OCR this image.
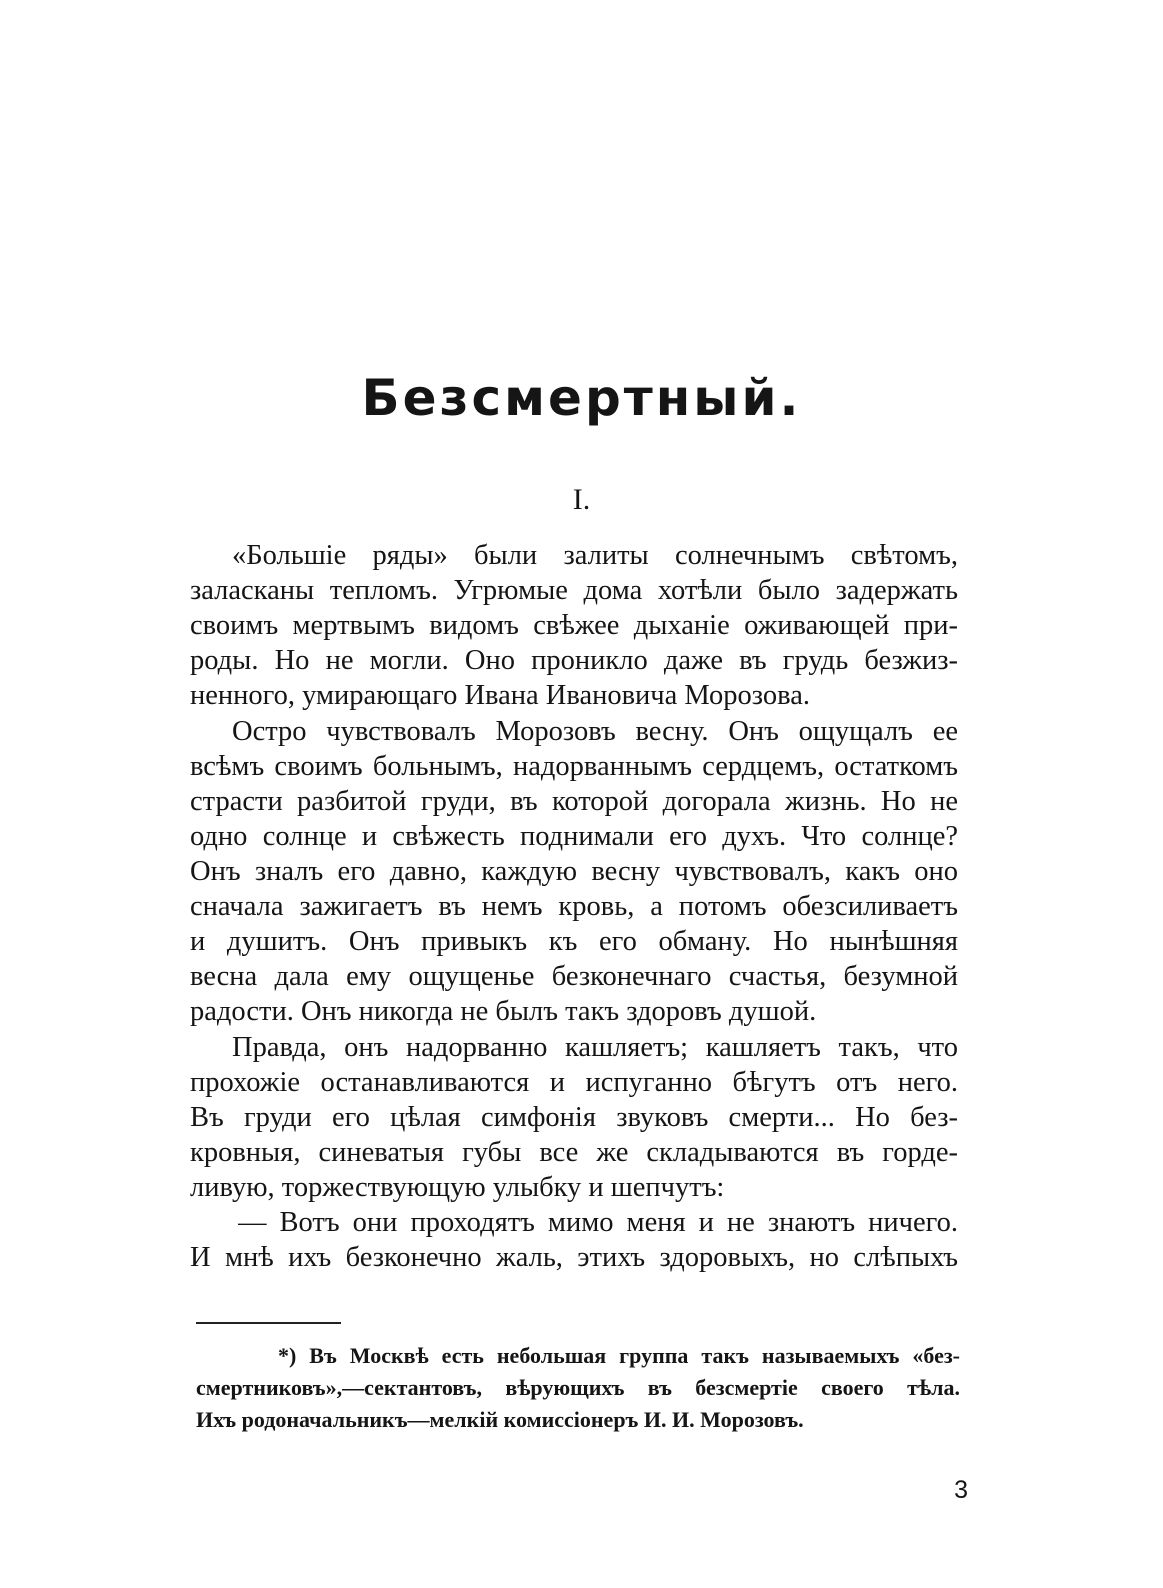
Безсмертный.
I.
«Большіе ряды» были залиты солнечнымъ свѣтомъ,
заласканы тепломъ. Угрюмые дома хотѣли было задержать
своимъ мертвымъ видомъ свѣжее дыханіе оживающей при-
роды. Но не могли. Оно проникло даже въ грудь безжиз-
ненного, умирающаго Ивана Ивановича Морозова.
Остро чувствовалъ Морозовъ весну. Онъ ощущалъ ее
всѣмъ своимъ больнымъ, надорваннымъ сердцемъ, остаткомъ
страсти разбитой груди, въ которой догорала жизнь. Но не
одно солнце и свѣжесть поднимали его духъ. Что солнце?
Онъ зналъ его давно, каждую весну чувствовалъ, какъ оно
сначала зажигаетъ въ немъ кровь, а потомъ обезсиливаетъ
и душитъ. Онъ привыкъ къ его обману. Но нынѣшняя
весна дала ему ощущенье безконечнаго счастья, безумной
радости. Онъ никогда не былъ такъ здоровъ душой.
Правда, онъ надорванно кашляетъ; кашляетъ такъ, что
прохожіе останавливаются и испуганно бѣгутъ отъ него.
Въ груди его цѣлая симфонія звуковъ смерти... Но без-
кровныя, синеватыя губы все же складываются въ горде-
ливую, торжествующую улыбку и шепчутъ:
— Вотъ они проходятъ мимо меня и не знаютъ ничего.
И мнѣ ихъ безконечно жаль, этихъ здоровыхъ, но слѣпыхъ
*) Въ Москвѣ есть небольшая группа такъ называемыхъ «без-
смертниковъ»,—сектантовъ, вѣрующихъ въ безсмертіе своего тѣла.
Ихъ родоначальникъ—мелкій комиссіонеръ И. И. Морозовъ.
3
